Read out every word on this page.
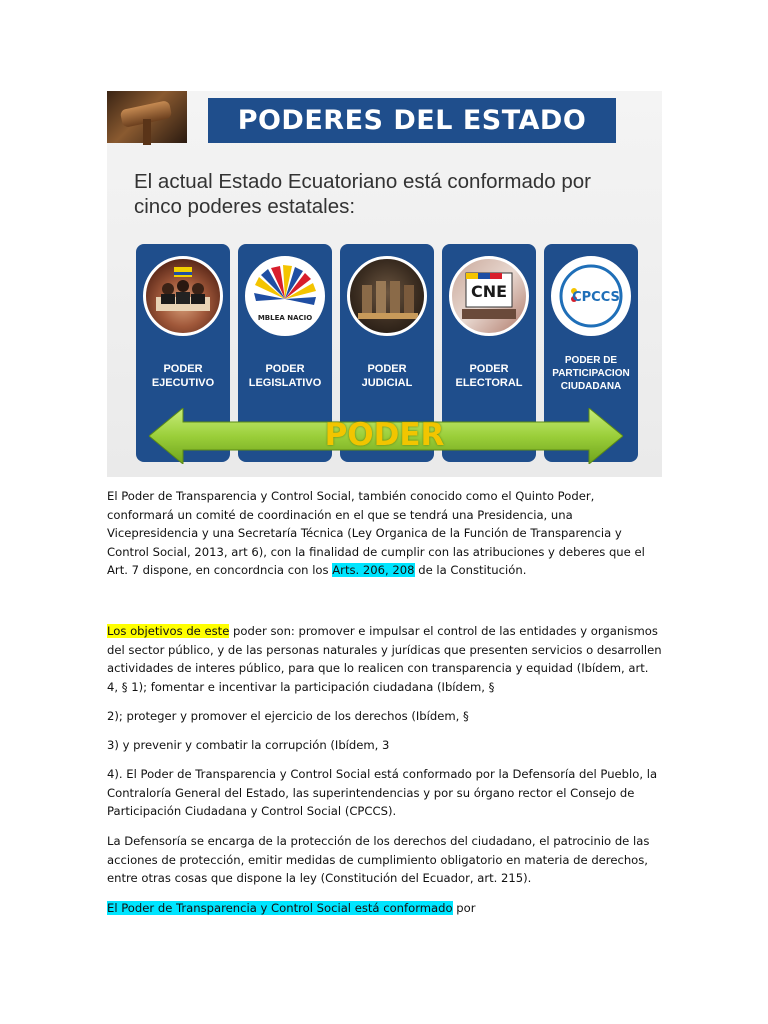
PODERES DEL ESTADO
El actual Estado Ecuatoriano está conformado por cinco poderes estatales:
PODER EJECUTIVO
MBLEA NACIO
PODER LEGISLATIVO
PODER JUDICIAL
CNE
PODER ELECTORAL
CPCCS
PODER DE PARTICIPACION CIUDADANA
PODER
El Poder de Transparencia y Control Social, también conocido como el Quinto Poder, conformará un comité de coordinación en el que se tendrá una Presidencia, una Vicepresidencia y una Secretaría Técnica (Ley Organica de la Función de Transparencia y Control Social, 2013, art 6), con la finalidad de cumplir con las atribuciones y deberes que el Art. 7 dispone, en concordncia con los Arts. 206, 208 de la Constitución.
Los objetivos de este poder son: promover e impulsar el control de las entidades y organismos del sector público, y de las personas naturales y jurídicas que presenten servicios o desarrollen actividades de interes público, para que lo realicen con transparencia y equidad (Ibídem, art. 4, § 1); fomentar e incentivar la participación ciudadana (Ibídem, §
2); proteger y promover el ejercicio de los derechos (Ibídem, §
3) y prevenir y combatir la corrupción (Ibídem, 3
4). El Poder de Transparencia y Control Social está conformado por la Defensoría del Pueblo, la Contraloría General del Estado, las superintendencias y por su órgano rector el Consejo de Participación Ciudadana y Control Social (CPCCS).
La Defensoría se encarga de la protección de los derechos del ciudadano, el patrocinio de las acciones de protección, emitir medidas de cumplimiento obligatorio en materia de derechos, entre otras cosas que dispone la ley (Constitución del Ecuador, art. 215).
El Poder de Transparencia y Control Social está conformado por
